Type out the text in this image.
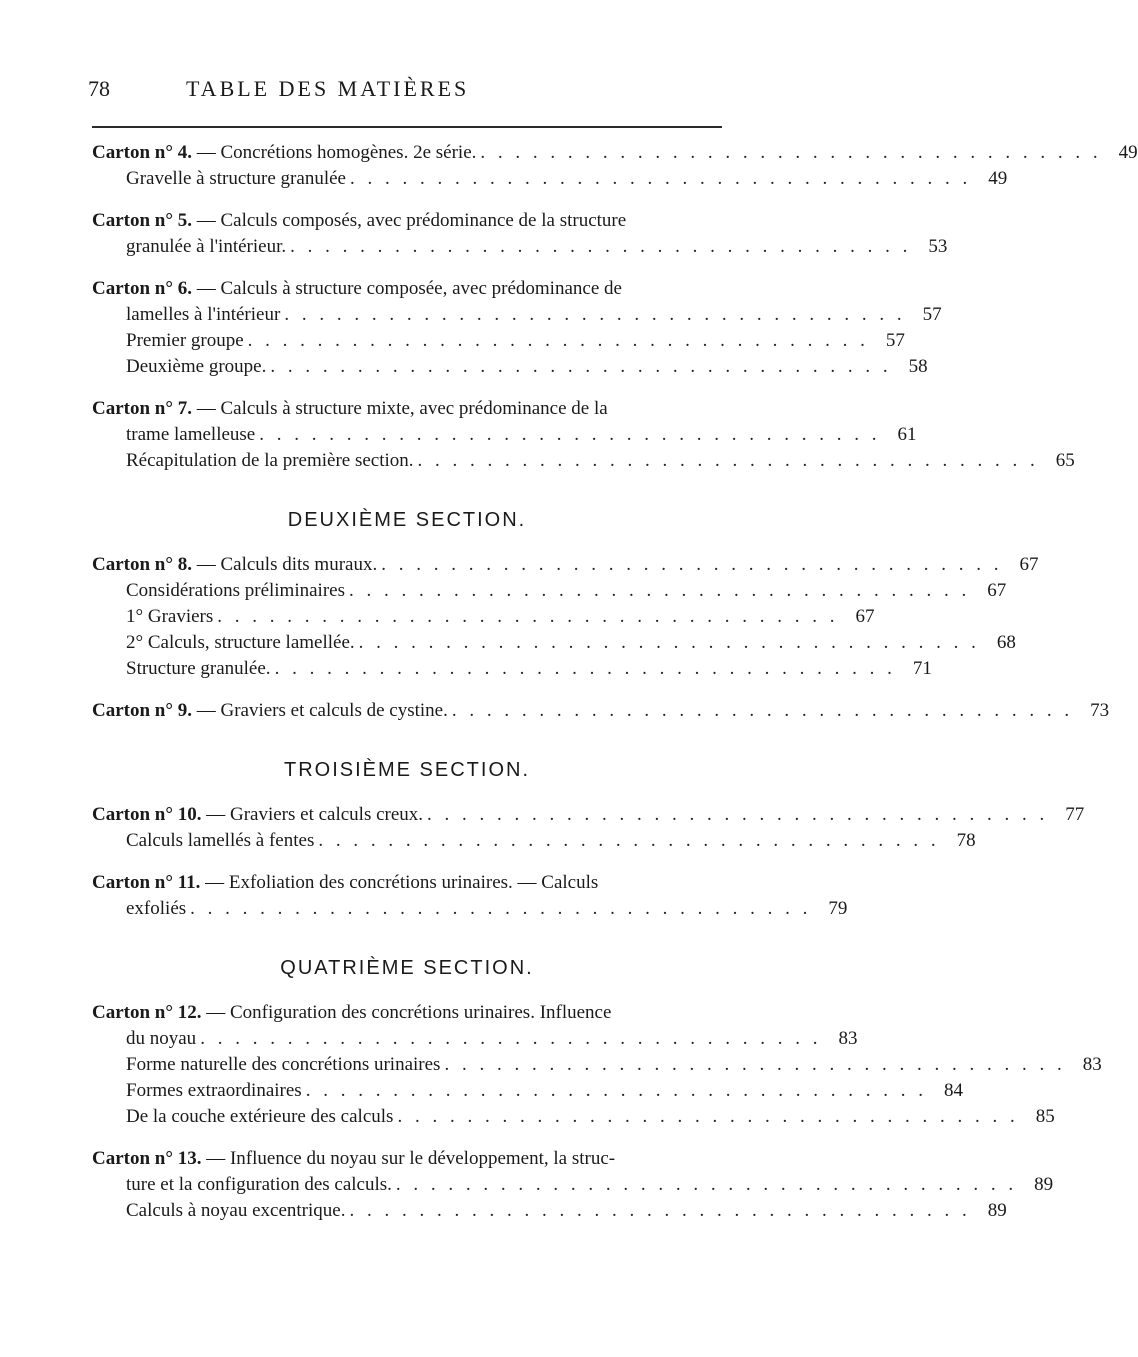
78	TABLE DES MATIÈRES
Carton n° 4. — Concrétions homogènes. 2e série. . . . . . . . . . . . . . . . . . . . . . . . . . . . . . . . . . . . . 49
Gravelle à structure granulée . . . . . . . . . . . . . . . . . . . . . . . . . . . . . . . . . . . . 49
Carton n° 5. — Calculs composés, avec prédominance de la structure
granulée à l'intérieur. . . . . . . . . . . . . . . . . . . . . . . . . . . . . . . . . . . . . 53
Carton n° 6. — Calculs à structure composée, avec prédominance de
lamelles à l'intérieur . . . . . . . . . . . . . . . . . . . . . . . . . . . . . . . . . . . . 57
Premier groupe . . . . . . . . . . . . . . . . . . . . . . . . . . . . . . . . . . . . 57
Deuxième groupe. . . . . . . . . . . . . . . . . . . . . . . . . . . . . . . . . . . . . 58
Carton n° 7. — Calculs à structure mixte, avec prédominance de la
trame lamelleuse . . . . . . . . . . . . . . . . . . . . . . . . . . . . . . . . . . . . 61
Récapitulation de la première section. . . . . . . . . . . . . . . . . . . . . . . . . . . . . . . . . . . . . 65
DEUXIÈME SECTION.
Carton n° 8. — Calculs dits muraux. . . . . . . . . . . . . . . . . . . . . . . . . . . . . . . . . . . . . 67
Considérations préliminaires . . . . . . . . . . . . . . . . . . . . . . . . . . . . . . . . . . . . 67
1° Graviers . . . . . . . . . . . . . . . . . . . . . . . . . . . . . . . . . . . . 67
2° Calculs, structure lamellée. . . . . . . . . . . . . . . . . . . . . . . . . . . . . . . . . . . . . 68
Structure granulée. . . . . . . . . . . . . . . . . . . . . . . . . . . . . . . . . . . . . 71
Carton n° 9. — Graviers et calculs de cystine. . . . . . . . . . . . . . . . . . . . . . . . . . . . . . . . . . . . . 73
TROISIÈME SECTION.
Carton n° 10. — Graviers et calculs creux. . . . . . . . . . . . . . . . . . . . . . . . . . . . . . . . . . . . . 77
Calculs lamellés à fentes . . . . . . . . . . . . . . . . . . . . . . . . . . . . . . . . . . . . 78
Carton n° 11. — Exfoliation des concrétions urinaires. — Calculs
exfoliés . . . . . . . . . . . . . . . . . . . . . . . . . . . . . . . . . . . . 79
QUATRIÈME SECTION.
Carton n° 12. — Configuration des concrétions urinaires. Influence
du noyau . . . . . . . . . . . . . . . . . . . . . . . . . . . . . . . . . . . . 83
Forme naturelle des concrétions urinaires . . . . . . . . . . . . . . . . . . . . . . . . . . . . . . . . . . . . 83
Formes extraordinaires . . . . . . . . . . . . . . . . . . . . . . . . . . . . . . . . . . . . 84
De la couche extérieure des calculs . . . . . . . . . . . . . . . . . . . . . . . . . . . . . . . . . . . . 85
Carton n° 13. — Influence du noyau sur le développement, la struc-
ture et la configuration des calculs. . . . . . . . . . . . . . . . . . . . . . . . . . . . . . . . . . . . . 89
Calculs à noyau excentrique. . . . . . . . . . . . . . . . . . . . . . . . . . . . . . . . . . . . . 89
